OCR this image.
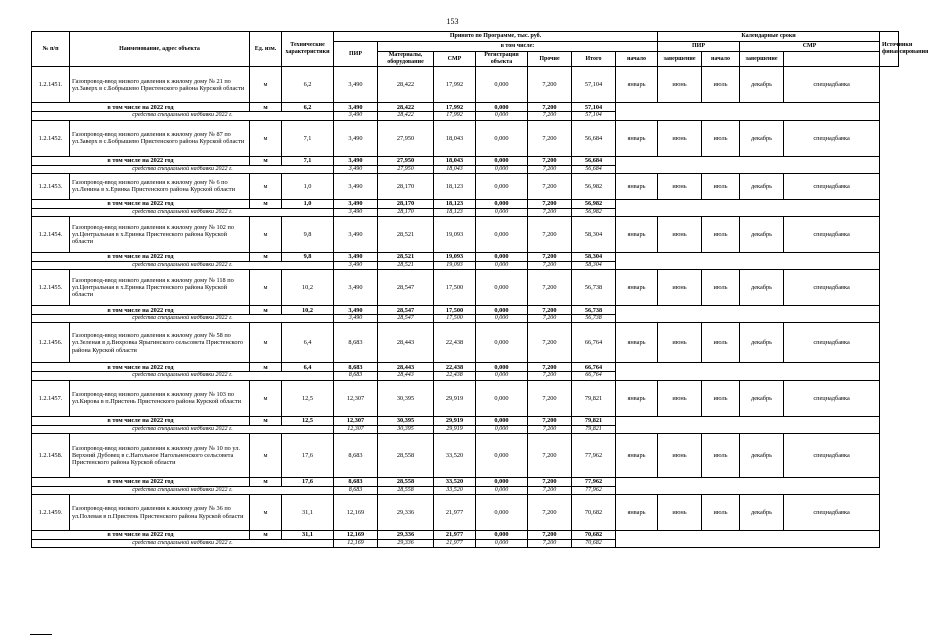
153
№ п/п	Наименование, адрес объекта	Ед. изм.	Технические характеристики	Принято по Программе, тыс. руб.							Календарные сроки				Источники финансирования
				ПИР	в том числе:						ПИР		СМР		
					Материалы, оборудование	СМР	Регистрация объекта	Прочие	Итого	начало	завершение	начало	завершение		
1.2.1451.	Газопровод-ввод низкого давления к жилому дому № 21 по ул.Заверх в с.Бобрышево Пристенского района Курской области	м	6,2	3,490	28,422	17,992	0,000	7,200	57,104	январь	июнь	июль	декабрь	спецнадбавка	
в том числе на 2022 год		м	6,2	3,490	28,422	17,992	0,000	7,200	57,104						
средства специальной надбавки 2022 г.				3,490	28,422	17,992	0,000	7,200	57,104						
1.2.1452.	Газопровод-ввод низкого давления к жилому дому № 87 по ул.Заверх в с.Бобрышево Пристенского района Курской области	м	7,1	3,490	27,950	18,043	0,000	7,200	56,684	январь	июнь	июль	декабрь	спецнадбавка	
в том числе на 2022 год		м	7,1	3,490	27,950	18,043	0,000	7,200	56,684						
средства специальной надбавки 2022 г.				3,490	27,950	18,043	0,000	7,200	56,684						
1.2.1453.	Газопровод-ввод низкого давления к жилому дому № 6 по ул.Ленина в х.Еринка Пристенского района Курской области	м	1,0	3,490	28,170	18,123	0,000	7,200	56,982	январь	июнь	июль	декабрь	спецнадбавка	
в том числе на 2022 год		м	1,0	3,490	28,170	18,123	0,000	7,200	56,982						
средства специальной надбавки 2022 г.				3,490	28,170	18,123	0,000	7,200	56,982						
1.2.1454.	Газопровод-ввод низкого давления к жилому дому № 102 по ул.Центральная в х.Еринка Пристенского района Курской области	м	9,8	3,490	28,521	19,093	0,000	7,200	58,304	январь	июнь	июль	декабрь	спецнадбавка	
в том числе на 2022 год		м	9,8	3,490	28,521	19,093	0,000	7,200	58,304						
средства специальной надбавки 2022 г.				3,490	28,521	19,093	0,000	7,200	58,304						
1.2.1455.	Газопровод-ввод низкого давления к жилому дому № 118 по ул.Центральная в х.Еринка Пристенского района Курской области	м	10,2	3,490	28,547	17,500	0,000	7,200	56,738	январь	июнь	июль	декабрь	спецнадбавка	
в том числе на 2022 год		м	10,2	3,490	28,547	17,500	0,000	7,200	56,738						
средства специальной надбавки 2022 г.				3,490	28,547	17,500	0,000	7,200	56,738						
1.2.1456.	Газопровод-ввод низкого давления к жилому дому № 58 по ул.Зеленая в д.Вихровка Ярыгинского сельсовета Пристенского района Курской области	м	6,4	8,683	28,443	22,438	0,000	7,200	66,764	январь	июнь	июль	декабрь	спецнадбавка	
в том числе на 2022 год		м	6,4	8,683	28,443	22,438	0,000	7,200	66,764						
средства специальной надбавки 2022 г.				8,683	28,443	22,438	0,000	7,200	66,764						
1.2.1457.	Газопровод-ввод низкого давления к жилому дому № 103 по ул.Кирова в п.Пристень Пристенского района Курской области	м	12,5	12,307	30,395	29,919	0,000	7,200	79,821	январь	июнь	июль	декабрь	спецнадбавка	
в том числе на 2022 год		м	12,5	12,307	30,395	29,919	0,000	7,200	79,821						
средства специальной надбавки 2022 г.				12,307	30,395	29,919	0,000	7,200	79,821						
1.2.1458.	Газопровод-ввод низкого давления к жилому дому № 10 по ул. Верхний Дубовец в с.Нагольное Нагольненского сельсовета Пристенского района Курской области	м	17,6	8,683	28,558	33,520	0,000	7,200	77,962	январь	июнь	июль	декабрь	спецнадбавка	
в том числе на 2022 год		м	17,6	8,683	28,558	33,520	0,000	7,200	77,962						
средства специальной надбавки 2022 г.				8,683	28,558	33,520	0,000	7,200	77,962						
1.2.1459.	Газопровод-ввод низкого давления к жилому дому № 36 по ул.Полевая в п.Пристень Пристенского района Курской области	м	31,1	12,169	29,336	21,977	0,000	7,200	70,682	январь	июнь	июль	декабрь	спецнадбавка	
в том числе на 2022 год		м	31,1	12,169	29,336	21,977	0,000	7,200	70,682						
средства специальной надбавки 2022 г.				12,169	29,336	21,977	0,000	7,200	70,682						
